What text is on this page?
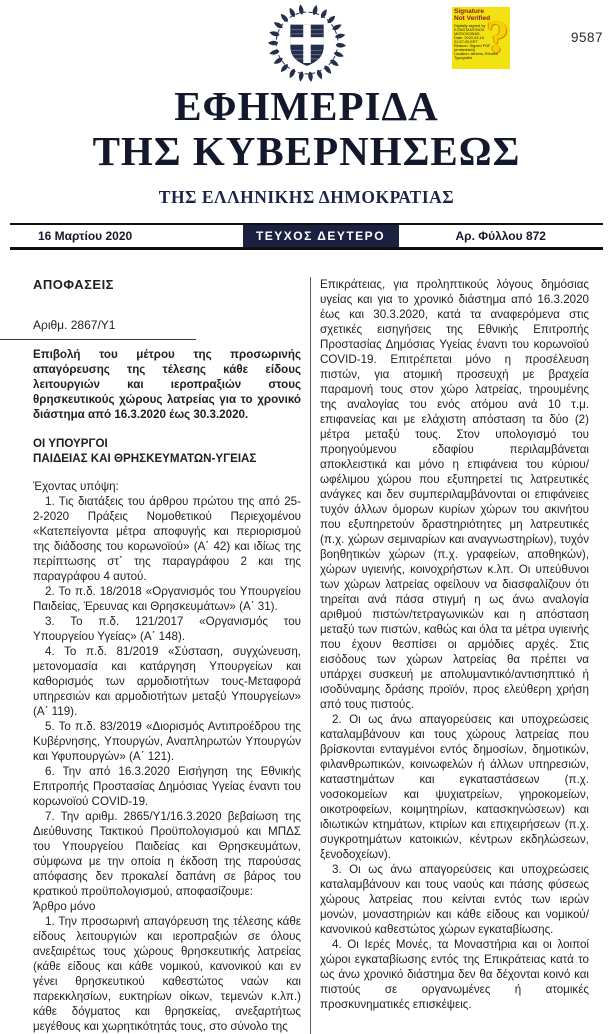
?
Signature Not Verified
Digitally signed by KONSTANTINOS MOSCHONAS
Date: 2020.03.16 21:57:20 EET
Reason: Signed PDF (embedded)
Location: Athens, Ethniko Typografio
9587
ΕΦΗΜΕΡΙΔΑ
ΤΗΣ ΚΥΒΕΡΝΗΣΕΩΣ
ΤΗΣ ΕΛΛΗΝΙΚΗΣ ΔΗΜΟΚΡΑΤΙΑΣ
16 Μαρτίου 2020	ΤΕΥΧΟΣ ΔΕΥΤΕΡΟ	Αρ. Φύλλου 872

ΑΠΟΦΑΣΕΙΣ

Αριθμ. 2867/Υ1

Επιβολή του μέτρου της προσωρινής απαγόρευσης της τέλεσης κάθε είδους λειτουργιών και ιεροπραξιών στους θρησκευτικούς χώρους λατρείας για το χρονικό διάστημα από 16.3.2020 έως 30.3.2020.

ΟΙ ΥΠΟΥΡΓΟΙ
ΠΑΙΔΕΙΑΣ ΚΑΙ ΘΡΗΣΚΕΥΜΑΤΩΝ-ΥΓΕΙΑΣ

Έχοντας υπόψη:

1. Τις διατάξεις του άρθρου πρώτου της από 25-2-2020 Πράξεις Νομοθετικού Περιεχομένου «Κατεπείγοντα μέτρα αποφυγής και περιορισμού της διάδοσης του κορωνοϊού» (Α΄ 42) και ιδίως της περίπτωσης στ΄ της παραγράφου 2 και της παραγράφου 4 αυτού.

2. Το π.δ. 18/2018 «Οργανισμός του Υπουργείου Παιδείας, Έρευνας και Θρησκευμάτων» (Α΄ 31).

3. Το π.δ. 121/2017 «Οργανισμός του Υπουργείου Υγείας» (Α΄ 148).

4. Το π.δ. 81/2019 «Σύσταση, συγχώνευση, μετονομασία και κατάργηση Υπουργείων και καθορισμός των αρμοδιοτήτων τους-Μεταφορά υπηρεσιών και αρμοδιοτήτων μεταξύ Υπουργείων» (Α΄ 119).

5. Το π.δ. 83/2019 «Διορισμός Αντιπροέδρου της Κυβέρνησης, Υπουργών, Αναπληρωτών Υπουργών και Υφυπουργών» (Α΄ 121).

6. Την από 16.3.2020 Εισήγηση της Εθνικής Επιτροπής Προστασίας Δημόσιας Υγείας έναντι του κορωνοϊού COVID-19.

7. Την αριθμ. 2865/Υ1/16.3.2020 βεβαίωση της Διεύθυνσης Τακτικού Προϋπολογισμού και ΜΠΔΣ του Υπουργείου Παιδείας και Θρησκευμάτων, σύμφωνα με την οποία η έκδοση της παρούσας απόφασης δεν προκαλεί δαπάνη σε βάρος του κρατικού προϋπολογισμού, αποφασίζουμε:

Άρθρο μόνο

1. Την προσωρινή απαγόρευση της τέλεσης κάθε είδους λειτουργιών και ιεροπραξιών σε όλους ανεξαιρέτως τους χώρους θρησκευτικής λατρείας (κάθε είδους και κάθε νομικού, κανονικού και εν γένει θρησκευτικού καθεστώτος ναών και παρεκκλησίων, ευκτηρίων οίκων, τεμενών κ.λπ.) κάθε δόγματος και θρησκείας, ανεξαρτήτως μεγέθους και χωρητικότητάς τους, στο σύνολο της

Επικράτειας, για προληπτικούς λόγους δημόσιας υγείας και για το χρονικό διάστημα από 16.3.2020 έως και 30.3.2020, κατά τα αναφερόμενα στις σχετικές εισηγήσεις της Εθνικής Επιτροπής Προστασίας Δημόσιας Υγείας έναντι του κορωνοϊού COVID-19. Επιτρέπεται μόνο η προσέλευση πιστών, για ατομική προσευχή με βραχεία παραμονή τους στον χώρο λατρείας, τηρουμένης της αναλογίας του ενός ατόμου ανά 10 τ.μ. επιφανείας και με ελάχιστη απόσταση τα δύο (2) μέτρα μεταξύ τους. Στον υπολογισμό του προηγούμενου εδαφίου περιλαμβάνεται αποκλειστικά και μόνο η επιφάνεια του κύριου/ωφέλιμου χώρου που εξυπηρετεί τις λατρευτικές ανάγκες και δεν συμπεριλαμβάνονται οι επιφάνειες τυχόν άλλων όμορων κυρίων χώρων του ακινήτου που εξυπηρετούν δραστηριότητες μη λατρευτικές (π.χ. χώρων σεμιναρίων και αναγνωστηρίων), τυχόν βοηθητικών χώρων (π.χ. γραφείων, αποθηκών), χώρων υγιεινής, κοινοχρήστων κ.λπ. Οι υπεύθυνοι των χώρων λατρείας οφείλουν να διασφαλίζουν ότι τηρείται ανά πάσα στιγμή η ως άνω αναλογία αριθμού πιστών/τετραγωνικών και η απόσταση μεταξύ των πιστών, καθώς και όλα τα μέτρα υγιεινής που έχουν θεσπίσει οι αρμόδιες αρχές. Στις εισόδους των χώρων λατρείας θα πρέπει να υπάρχει συσκευή με απολυμαντικό/αντισηπτικό ή ισοδύναμης δράσης προϊόν, προς ελεύθερη χρήση από τους πιστούς.

2. Οι ως άνω απαγορεύσεις και υποχρεώσεις καταλαμβάνουν και τους χώρους λατρείας που βρίσκονται ενταγμένοι εντός δημοσίων, δημοτικών, φιλανθρωπικών, κοινωφελών ή άλλων υπηρεσιών, καταστημάτων και εγκαταστάσεων (π.χ. νοσοκομείων και ψυχιατρείων, γηροκομείων, οικοτροφείων, κοιμητηρίων, κατασκηνώσεων) και ιδιωτικών κτημάτων, κτιρίων και επιχειρήσεων (π.χ. συγκροτημάτων κατοικιών, κέντρων εκδηλώσεων, ξενοδοχείων).

3. Οι ως άνω απαγορεύσεις και υποχρεώσεις καταλαμβάνουν και τους ναούς και πάσης φύσεως χώρους λατρείας που κείνται εντός των ιερών μονών, μοναστηριών και κάθε είδους και νομικού/κανονικού καθεστώτος χώρων εγκαταβίωσης.

4. Οι Ιερές Μονές, τα Μοναστήρια και οι λοιποί χώροι εγκαταβίωσης εντός της Επικράτειας κατά το ως άνω χρονικό διάστημα δεν θα δέχονται κοινό και πιστούς σε οργανωμένες ή ατομικές προσκυνηματικές επισκέψεις.
